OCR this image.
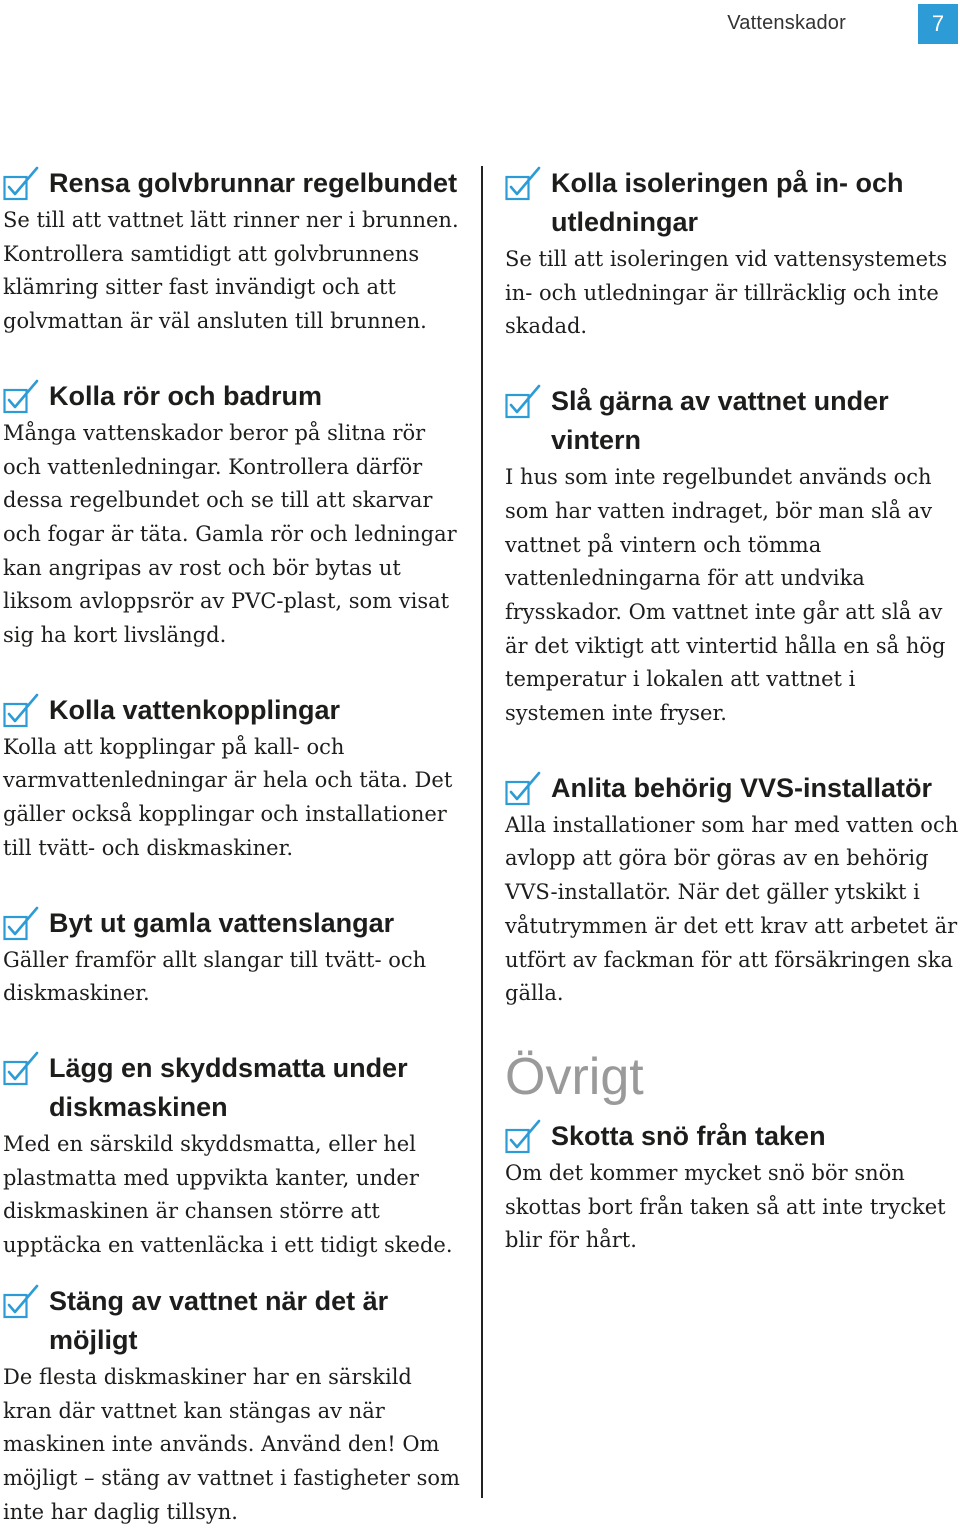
Vattenskador	7
Rensa golvbrunnar regelbundet

Se till att vattnet lätt rinner ner i brunnen. Kontrollera samtidigt att golvbrunnens klämring sitter fast invändigt och att golvmattan är väl ansluten till brunnen.

Kolla rör och badrum

Många vattenskador beror på slitna rör och vattenledningar. Kontrollera därför dessa regelbundet och se till att skarvar och fogar är täta. Gamla rör och ledningar kan angripas av rost och bör bytas ut liksom avloppsrör av PVC-plast, som visat sig ha kort livslängd.

Kolla vattenkopplingar

Kolla att kopplingar på kall- och varmvattenledningar är hela och täta. Det gäller också kopplingar och installationer till tvätt- och diskmaskiner.

Byt ut gamla vattenslangar

Gäller framför allt slangar till tvätt- och diskmaskiner.

Lägg en skyddsmatta under diskmaskinen

Med en särskild skyddsmatta, eller hel plastmatta med uppvikta kanter, under diskmaskinen är chansen större att upptäcka en vattenläcka i ett tidigt skede.

Stäng av vattnet när det är möjligt

De flesta diskmaskiner har en särskild kran där vattnet kan stängas av när maskinen inte används. Använd den! Om möjligt – stäng av vattnet i fastigheter som inte har daglig tillsyn.

Kolla isoleringen på in- och utledningar

Se till att isoleringen vid vattensystemets in- och utledningar är tillräcklig och inte skadad.

Slå gärna av vattnet under vintern

I hus som inte regelbundet används och som har vatten indraget, bör man slå av vattnet på vintern och tömma vattenledningarna för att undvika frysskador. Om vattnet inte går att slå av är det viktigt att vintertid hålla en så hög temperatur i lokalen att vattnet i systemen inte fryser.

Anlita behörig VVS-installatör

Alla installationer som har med vatten och avlopp att göra bör göras av en behörig VVS-installatör. När det gäller ytskikt i våtutrymmen är det ett krav att arbetet är utfört av fackman för att försäkringen ska gälla.

Övrigt
Skotta snö från taken

Om det kommer mycket snö bör snön skottas bort från taken så att inte trycket blir för hårt.
